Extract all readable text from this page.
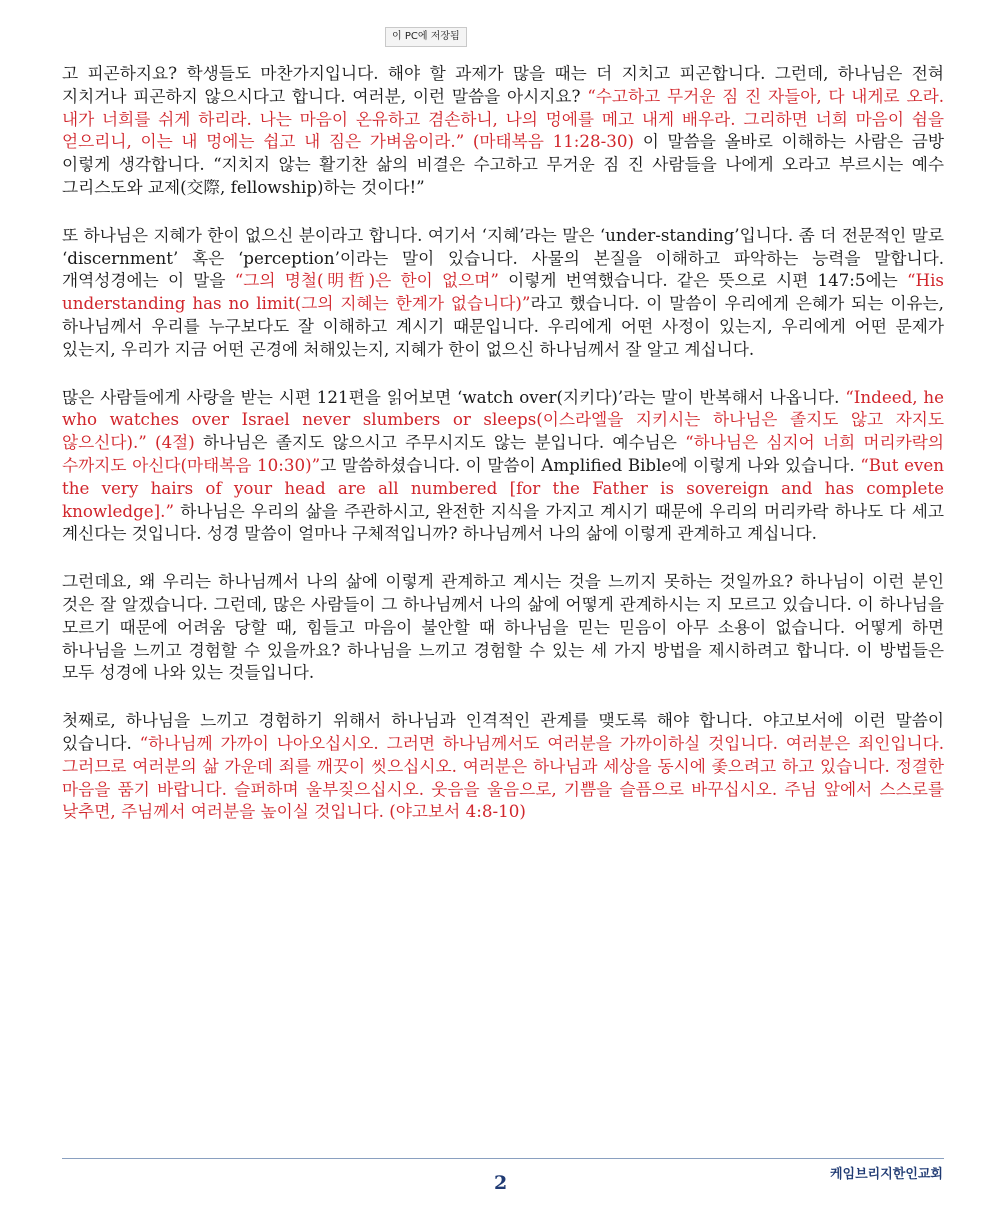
이 PC에 저장됨

고 피곤하지요? 학생들도 마찬가지입니다. 해야 할 과제가 많을 때는 더 지치고 피곤합니다. 그런데, 하나님은 전혀 지치거나 피곤하지 않으시다고 합니다. 여러분, 이런 말씀을 아시지요? “수고하고 무거운 짐 진 자들아, 다 내게로 오라. 내가 너희를 쉬게 하리라. 나는 마음이 온유하고 겸손하니, 나의 멍에를 메고 내게 배우라. 그리하면 너희 마음이 쉼을 얻으리니, 이는 내 멍에는 쉽고 내 짐은 가벼움이라.” (마태복음 11:28-30) 이 말씀을 올바로 이해하는 사람은 금방 이렇게 생각합니다. “지치지 않는 활기찬 삶의 비결은 수고하고 무거운 짐 진 사람들을 나에게 오라고 부르시는 예수 그리스도와 교제(交際, fellowship)하는 것이다!”

또 하나님은 지혜가 한이 없으신 분이라고 합니다. 여기서 ‘지혜’라는 말은 ‘under-standing’입니다. 좀 더 전문적인 말로 ‘discernment’ 혹은 ‘perception’이라는 말이 있습니다. 사물의 본질을 이해하고 파악하는 능력을 말합니다. 개역성경에는 이 말을 “그의 명철(明哲)은 한이 없으며” 이렇게 번역했습니다. 같은 뜻으로 시편 147:5에는 “His understanding has no limit(그의 지혜는 한계가 없습니다)”라고 했습니다. 이 말씀이 우리에게 은혜가 되는 이유는, 하나님께서 우리를 누구보다도 잘 이해하고 계시기 때문입니다. 우리에게 어떤 사정이 있는지, 우리에게 어떤 문제가 있는지, 우리가 지금 어떤 곤경에 처해있는지, 지혜가 한이 없으신 하나님께서 잘 알고 계십니다.

많은 사람들에게 사랑을 받는 시편 121편을 읽어보면 ‘watch over(지키다)’라는 말이 반복해서 나옵니다. “Indeed, he who watches over Israel never slumbers or sleeps(이스라엘을 지키시는 하나님은 졸지도 않고 자지도 않으신다).” (4절) 하나님은 졸지도 않으시고 주무시지도 않는 분입니다. 예수님은 “하나님은 심지어 너희 머리카락의 수까지도 아신다(마태복음 10:30)”고 말씀하셨습니다. 이 말씀이 Amplified Bible에 이렇게 나와 있습니다. “But even the very hairs of your head are all numbered [for the Father is sovereign and has complete knowledge].” 하나님은 우리의 삶을 주관하시고, 완전한 지식을 가지고 계시기 때문에 우리의 머리카락 하나도 다 세고 계신다는 것입니다. 성경 말씀이 얼마나 구체적입니까? 하나님께서 나의 삶에 이렇게 관계하고 계십니다.

그런데요, 왜 우리는 하나님께서 나의 삶에 이렇게 관계하고 계시는 것을 느끼지 못하는 것일까요? 하나님이 이런 분인 것은 잘 알겠습니다. 그런데, 많은 사람들이 그 하나님께서 나의 삶에 어떻게 관계하시는 지 모르고 있습니다. 이 하나님을 모르기 때문에 어려움 당할 때, 힘들고 마음이 불안할 때 하나님을 믿는 믿음이 아무 소용이 없습니다. 어떻게 하면 하나님을 느끼고 경험할 수 있을까요? 하나님을 느끼고 경험할 수 있는 세 가지 방법을 제시하려고 합니다. 이 방법들은 모두 성경에 나와 있는 것들입니다.

첫째로, 하나님을 느끼고 경험하기 위해서 하나님과 인격적인 관계를 맺도록 해야 합니다. 야고보서에 이런 말씀이 있습니다. “하나님께 가까이 나아오십시오. 그러면 하나님께서도 여러분을 가까이하실 것입니다. 여러분은 죄인입니다. 그러므로 여러분의 삶 가운데 죄를 깨끗이 씻으십시오. 여러분은 하나님과 세상을 동시에 좇으려고 하고 있습니다. 정결한 마음을 품기 바랍니다. 슬퍼하며 울부짖으십시오. 웃음을 울음으로, 기쁨을 슬픔으로 바꾸십시오. 주님 앞에서 스스로를 낮추면, 주님께서 여러분을 높이실 것입니다. (야고보서 4:8-10)

2	케임브리지한인교회
